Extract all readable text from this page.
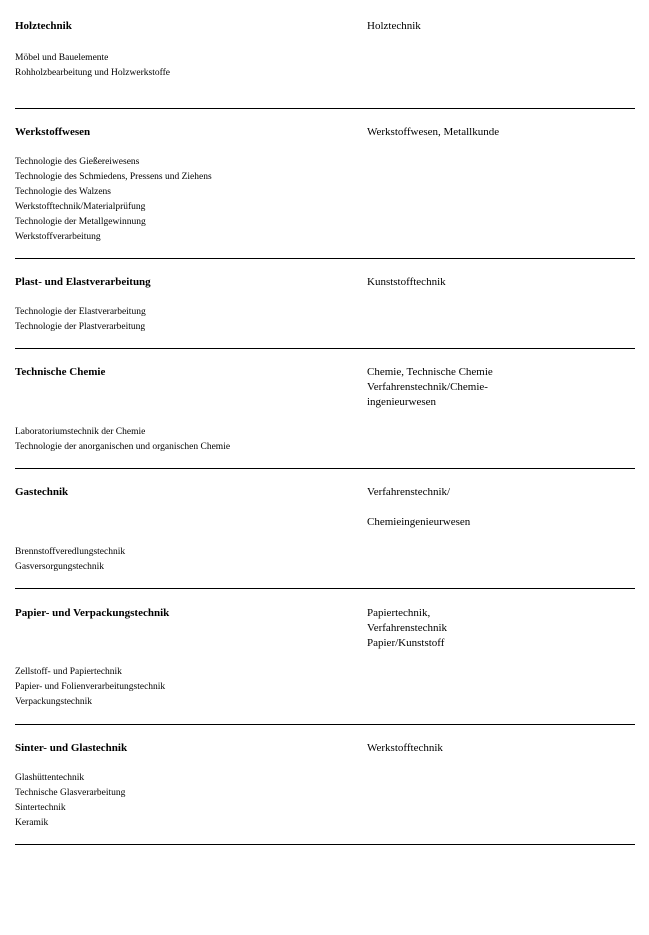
Holztechnik	Holztechnik
Möbel und Bauelemente
Rohholzbearbeitung und Holzwerkstoffe
Werkstoffwesen	Werkstoffwesen, Metallkunde
Technologie des Gießereiwesens
Technologie des Schmiedens, Pressens und Ziehens
Technologie des Walzens
Werkstofftechnik/Materialprüfung
Technologie der Metallgewinnung
Werkstoffverarbeitung
Plast- und Elastverarbeitung	Kunststofftechnik
Technologie der Elastverarbeitung
Technologie der Plastverarbeitung
Technische Chemie	Chemie, Technische Chemie
Verfahrenstechnik/Chemie-
ingenieurwesen
Laboratoriumstechnik der Chemie
Technologie der anorganischen und organischen Chemie
Gastechnik	Verfahrenstechnik/
Chemieingenieurwesen
Brennstoffveredlungstechnik
Gasversorgungstechnik
Papier- und Verpackungstechnik	Papiertechnik,
Verfahrenstechnik
Papier/Kunststoff
Zellstoff- und Papiertechnik
Papier- und Folienverarbeitungstechnik
Verpackungstechnik
Sinter- und Glastechnik	Werkstofftechnik
Glashüttentechnik
Technische Glasverarbeitung
Sintertechnik
Keramik
